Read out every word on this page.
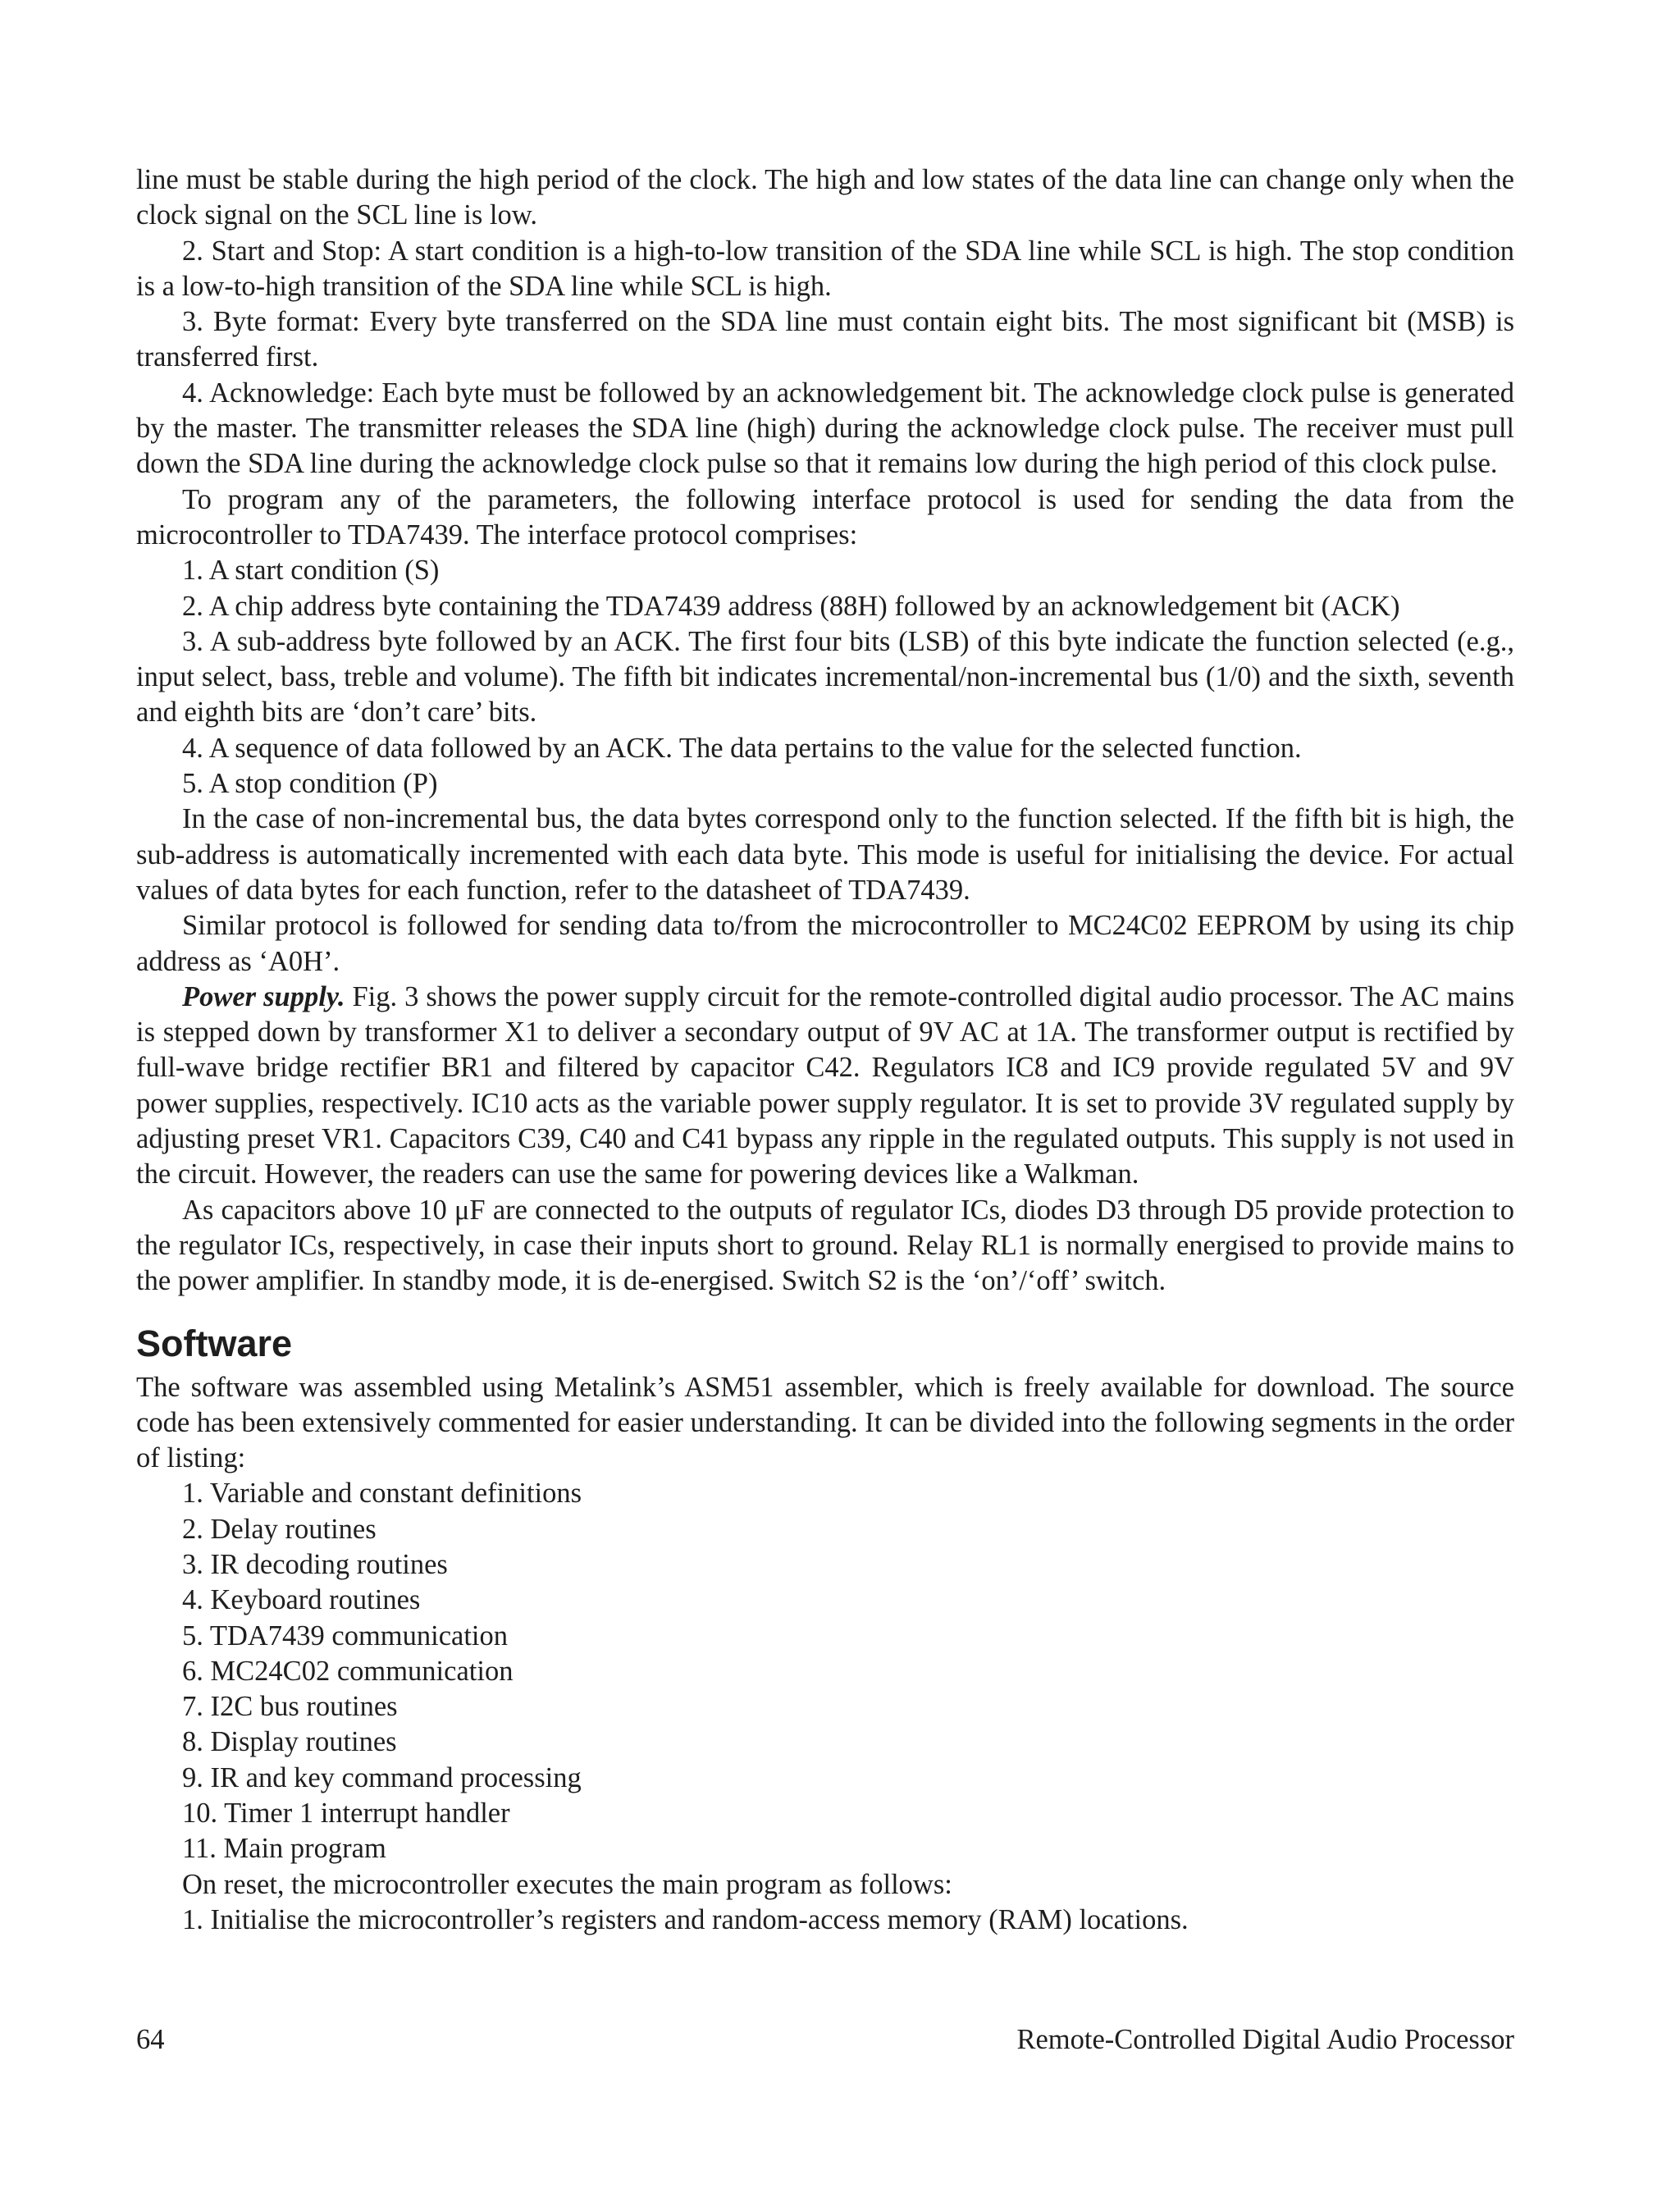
line must be stable during the high period of the clock. The high and low states of the data line can change only when the clock signal on the SCL line is low.

2. Start and Stop: A start condition is a high-to-low transition of the SDA line while SCL is high. The stop condition is a low-to-high transition of the SDA line while SCL is high.

3. Byte format: Every byte transferred on the SDA line must contain eight bits. The most significant bit (MSB) is transferred first.

4. Acknowledge: Each byte must be followed by an acknowledgement bit. The acknowledge clock pulse is generated by the master. The transmitter releases the SDA line (high) during the acknowledge clock pulse. The receiver must pull down the SDA line during the acknowledge clock pulse so that it remains low during the high period of this clock pulse.

To program any of the parameters, the following interface protocol is used for sending the data from the microcontroller to TDA7439. The interface protocol comprises:

1. A start condition (S)

2. A chip address byte containing the TDA7439 address (88H) followed by an acknowledgement bit (ACK)

3. A sub-address byte followed by an ACK. The first four bits (LSB) of this byte indicate the function selected (e.g., input select, bass, treble and volume). The fifth bit indicates incremental/non-incremental bus (1/0) and the sixth, seventh and eighth bits are ‘don’t care’ bits.

4. A sequence of data followed by an ACK. The data pertains to the value for the selected function.

5. A stop condition (P)

In the case of non-incremental bus, the data bytes correspond only to the function selected. If the fifth bit is high, the sub-address is automatically incremented with each data byte. This mode is useful for initialising the device. For actual values of data bytes for each function, refer to the datasheet of TDA7439.

Similar protocol is followed for sending data to/from the microcontroller to MC24C02 EEPROM by using its chip address as ‘A0H’.

Power supply. Fig. 3 shows the power supply circuit for the remote-controlled digital audio processor. The AC mains is stepped down by transformer X1 to deliver a secondary output of 9V AC at 1A. The transformer output is rectified by full-wave bridge rectifier BR1 and filtered by capacitor C42. Regulators IC8 and IC9 provide regulated 5V and 9V power supplies, respectively. IC10 acts as the variable power supply regulator. It is set to provide 3V regulated supply by adjusting preset VR1. Capacitors C39, C40 and C41 bypass any ripple in the regulated outputs. This supply is not used in the circuit. However, the readers can use the same for powering devices like a Walkman.

As capacitors above 10 μF are connected to the outputs of regulator ICs, diodes D3 through D5 provide protection to the regulator ICs, respectively, in case their inputs short to ground. Relay RL1 is normally energised to provide mains to the power amplifier. In standby mode, it is de-energised. Switch S2 is the ‘on’/‘off’ switch.

Software

The software was assembled using Metalink’s ASM51 assembler, which is freely available for download. The source code has been extensively commented for easier understanding. It can be divided into the following segments in the order of listing:

1. Variable and constant definitions

2. Delay routines

3. IR decoding routines

4. Keyboard routines

5. TDA7439 communication

6. MC24C02 communication

7. I2C bus routines

8. Display routines

9. IR and key command processing

10. Timer 1 interrupt handler

11. Main program

On reset, the microcontroller executes the main program as follows:

1. Initialise the microcontroller’s registers and random-access memory (RAM) locations.

64	Remote-Controlled Digital Audio Processor
